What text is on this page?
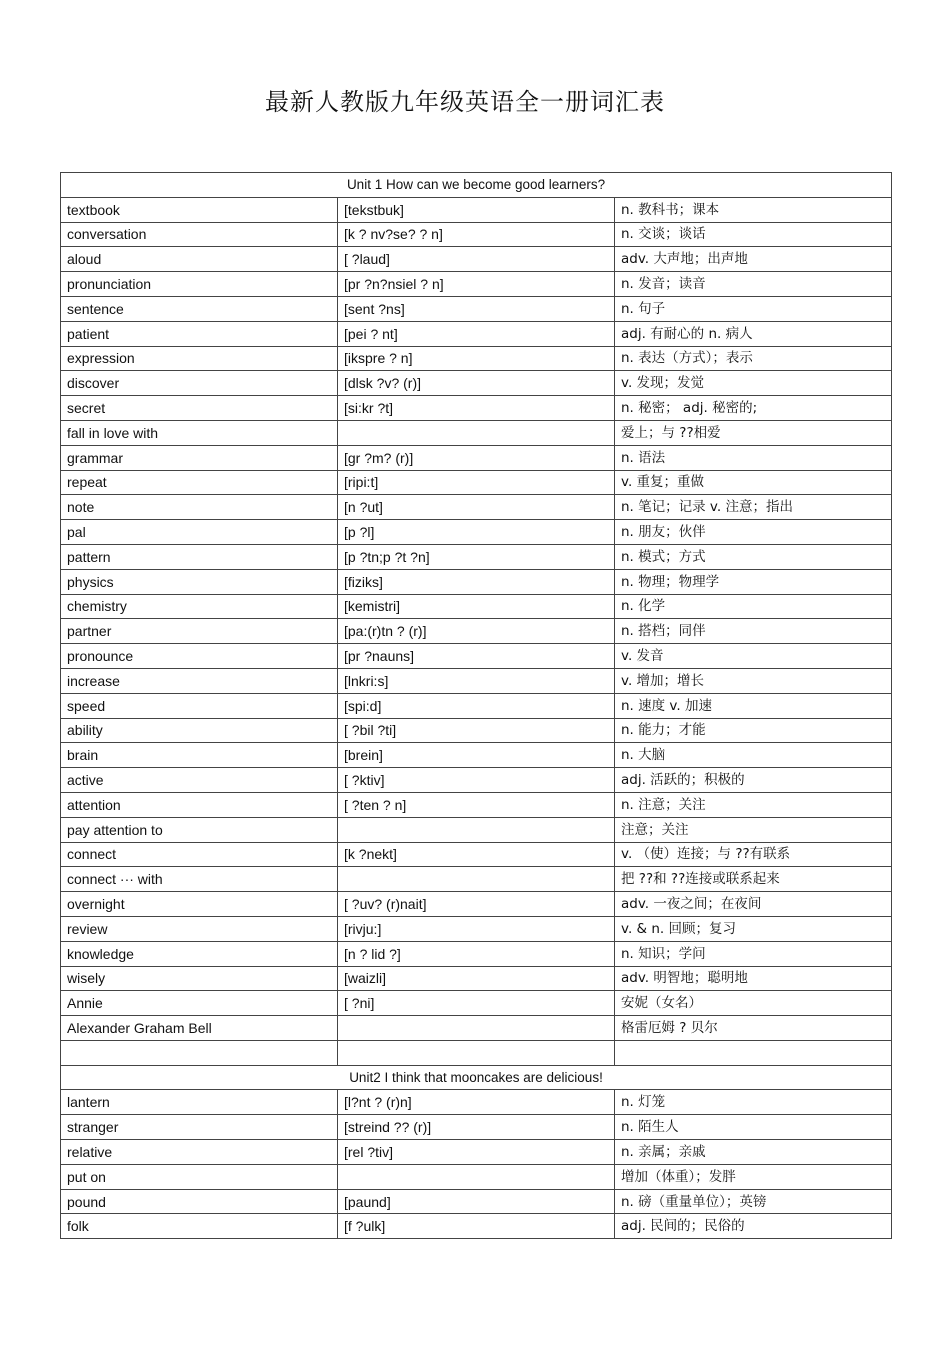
最新人教版九年级英语全一册词汇表
Unit 1 How can we become good learners?		
textbook	[tekstbuk]	n. 教科书；课本
conversation	[k ? nv?se? ? n]	n. 交谈；谈话
aloud	[ ?laud]	adv. 大声地；出声地
pronunciation	[pr ?n?nsiel ? n]	n. 发音；读音
sentence	[sent ?ns]	n. 句子
patient	[pei ? nt]	adj. 有耐心的 n. 病人
expression	[ikspre ? n]	n. 表达（方式）；表示
discover	[dlsk ?v? (r)]	v. 发现；发觉
secret	[si:kr ?t]	n. 秘密； adj. 秘密的;
fall in love with		爱上；与 ??相爱
grammar	[gr ?m? (r)]	n. 语法
repeat	[ripi:t]	v. 重复；重做
note	[n ?ut]	n. 笔记；记录 v. 注意；指出
pal	[p ?l]	n. 朋友；伙伴
pattern	[p ?tn;p ?t ?n]	n. 模式；方式
physics	[fiziks]	n. 物理；物理学
chemistry	[kemistri]	n. 化学
partner	[pa:(r)tn ? (r)]	n. 搭档；同伴
pronounce	[pr ?nauns]	v. 发音
increase	[lnkri:s]	v. 增加；增长
speed	[spi:d]	n. 速度 v. 加速
ability	[ ?bil ?ti]	n. 能力；才能
brain	[brein]	n. 大脑
active	[ ?ktiv]	adj. 活跃的；积极的
attention	[ ?ten ? n]	n. 注意；关注
pay attention to		注意；关注
connect	[k ?nekt]	v. （使）连接；与 ??有联系
connect ··· with		把 ??和 ??连接或联系起来
overnight	[ ?uv? (r)nait]	adv. 一夜之间；在夜间
review	[rivju:]	v. & n. 回顾；复习
knowledge	[n ? lid ?]	n. 知识；学问
wisely	[waizli]	adv. 明智地；聪明地
Annie	[ ?ni]	安妮（女名）
Alexander Graham Bell		格雷厄姆 ? 贝尔

Unit2 I think that mooncakes are delicious!		
lantern	[l?nt ? (r)n]	n. 灯笼
stranger	[streind ?? (r)]	n. 陌生人
relative	[rel ?tiv]	n. 亲属；亲戚
put on		增加（体重）；发胖
pound	[paund]	n. 磅（重量单位）；英镑
folk	[f ?ulk]	adj. 民间的；民俗的
